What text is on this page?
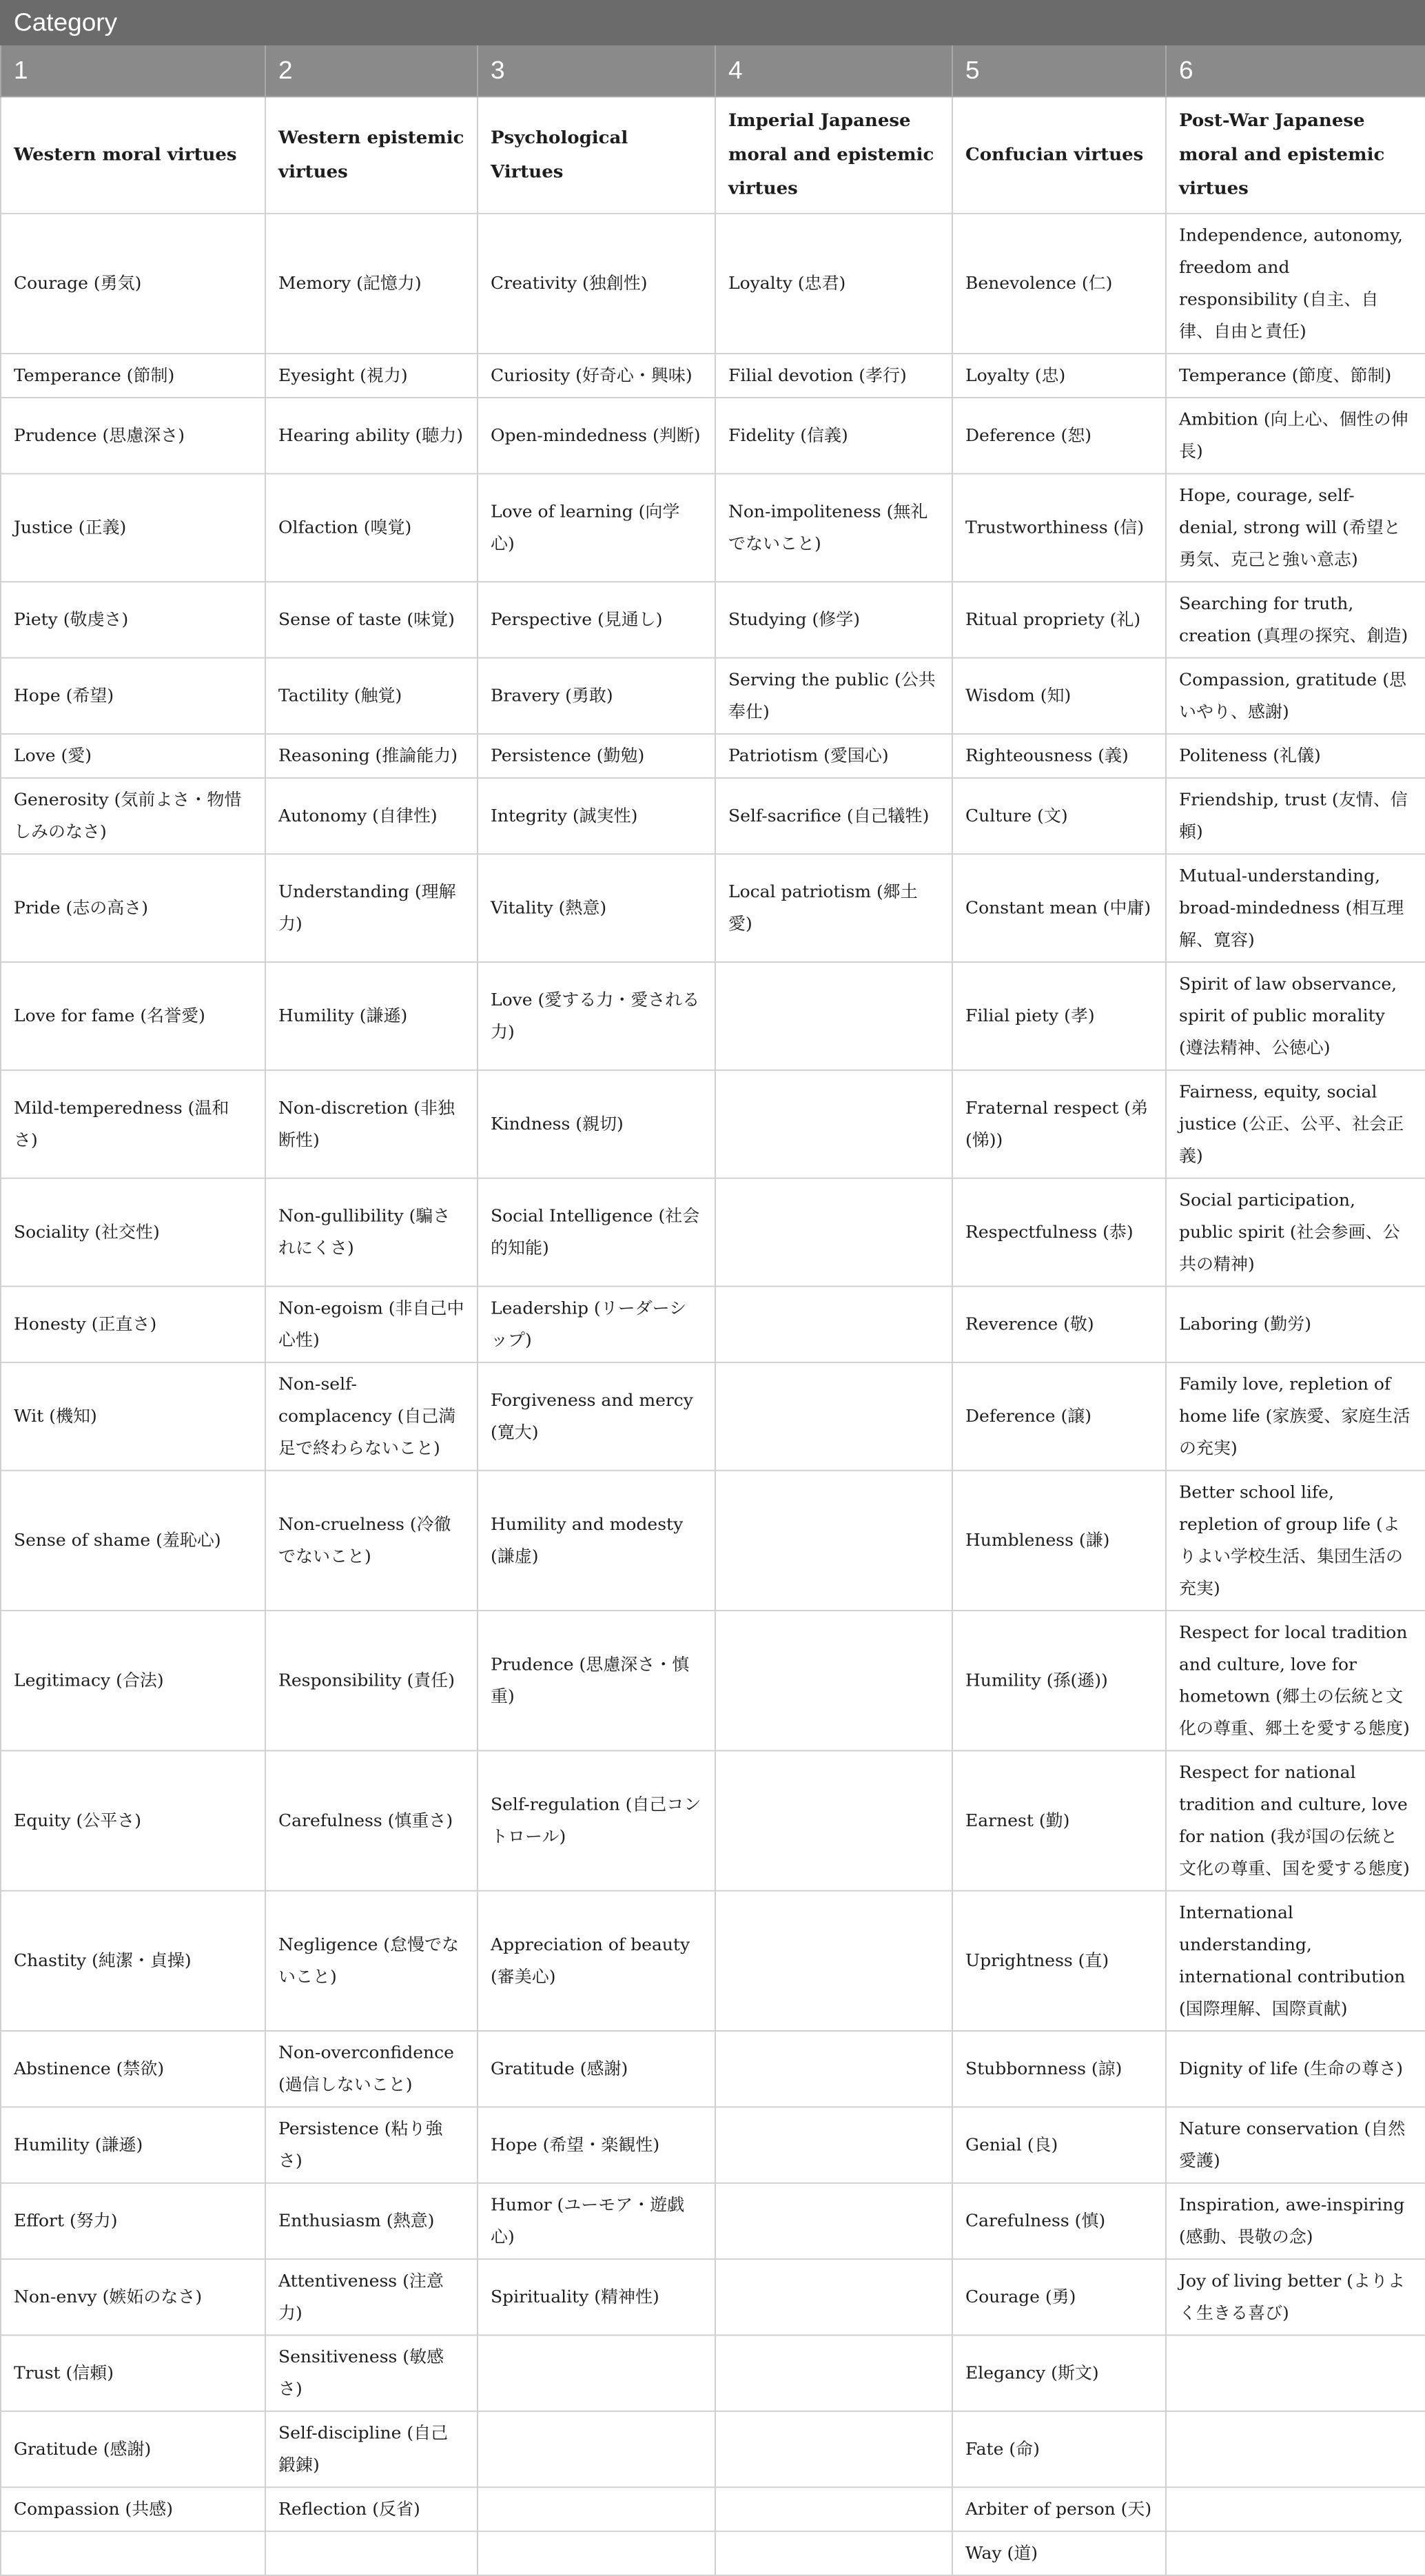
Category					
1	2	3	4	5	6
Western moral virtues	Western epistemic virtues	Psychological Virtues	Imperial Japanese moral and epistemic virtues	Confucian virtues	Post-War Japanese moral and epistemic virtues
Courage (勇気)	Memory (記憶力)	Creativity (独創性)	Loyalty (忠君)	Benevolence (仁)	Independence, autonomy, freedom and responsibility (自主、自律、自由と責任)
Temperance (節制)	Eyesight (視力)	Curiosity (好奇心・興味)	Filial devotion (孝行)	Loyalty (忠)	Temperance (節度、節制)
Prudence (思慮深さ)	Hearing ability (聴力)	Open-mindedness (判断)	Fidelity (信義)	Deference (恕)	Ambition (向上心、個性の伸長)
Justice (正義)	Olfaction (嗅覚)	Love of learning (向学心)	Non-impoliteness (無礼でないこと)	Trustworthiness (信)	Hope, courage, self-denial, strong will (希望と勇気、克己と強い意志)
Piety (敬虔さ)	Sense of taste (味覚)	Perspective (見通し)	Studying (修学)	Ritual propriety (礼)	Searching for truth, creation (真理の探究、創造)
Hope (希望)	Tactility (触覚)	Bravery (勇敢)	Serving the public (公共奉仕)	Wisdom (知)	Compassion, gratitude (思いやり、感謝)
Love (愛)	Reasoning (推論能力)	Persistence (勤勉)	Patriotism (愛国心)	Righteousness (義)	Politeness (礼儀)
Generosity (気前よさ・物惜しみのなさ)	Autonomy (自律性)	Integrity (誠実性)	Self-sacrifice (自己犠牲)	Culture (文)	Friendship, trust (友情、信頼)
Pride (志の高さ)	Understanding (理解力)	Vitality (熱意)	Local patriotism (郷土愛)	Constant mean (中庸)	Mutual-understanding, broad-mindedness (相互理解、寛容)
Love for fame (名誉愛)	Humility (謙遜)	Love (愛する力・愛される力)		Filial piety (孝)	Spirit of law observance, spirit of public morality (遵法精神、公徳心)
Mild-temperedness (温和さ)	Non-discretion (非独断性)	Kindness (親切)		Fraternal respect (弟(悌))	Fairness, equity, social justice (公正、公平、社会正義)
Sociality (社交性)	Non-gullibility (騙されにくさ)	Social Intelligence (社会的知能)		Respectfulness (恭)	Social participation, public spirit (社会参画、公共の精神)
Honesty (正直さ)	Non-egoism (非自己中心性)	Leadership (リーダーシップ)		Reverence (敬)	Laboring (勤労)
Wit (機知)	Non-self-complacency (自己満足で終わらないこと)	Forgiveness and mercy (寛大)		Deference (譲)	Family love, repletion of home life (家族愛、家庭生活の充実)
Sense of shame (羞恥心)	Non-cruelness (冷徹でないこと)	Humility and modesty (謙虚)		Humbleness (謙)	Better school life, repletion of group life (よりよい学校生活、集団生活の充実)
Legitimacy (合法)	Responsibility (責任)	Prudence (思慮深さ・慎重)		Humility (孫(遜))	Respect for local tradition and culture, love for hometown (郷土の伝統と文化の尊重、郷土を愛する態度)
Equity (公平さ)	Carefulness (慎重さ)	Self-regulation (自己コントロール)		Earnest (勤)	Respect for national tradition and culture, love for nation (我が国の伝統と文化の尊重、国を愛する態度)
Chastity (純潔・貞操)	Negligence (怠慢でないこと)	Appreciation of beauty (審美心)		Uprightness (直)	International understanding, international contribution (国際理解、国際貢献)
Abstinence (禁欲)	Non-overconfidence (過信しないこと)	Gratitude (感謝)		Stubbornness (諒)	Dignity of life (生命の尊さ)
Humility (謙遜)	Persistence (粘り強さ)	Hope (希望・楽観性)		Genial (良)	Nature conservation (自然愛護)
Effort (努力)	Enthusiasm (熱意)	Humor (ユーモア・遊戯心)		Carefulness (慎)	Inspiration, awe-inspiring (感動、畏敬の念)
Non-envy (嫉妬のなさ)	Attentiveness (注意力)	Spirituality (精神性)		Courage (勇)	Joy of living better (よりよく生きる喜び)
Trust (信頼)	Sensitiveness (敏感さ)			Elegancy (斯文)	
Gratitude (感謝)	Self-discipline (自己鍛錬)			Fate (命)	
Compassion (共感)	Reflection (反省)			Arbiter of person (天)	
				Way (道)	
